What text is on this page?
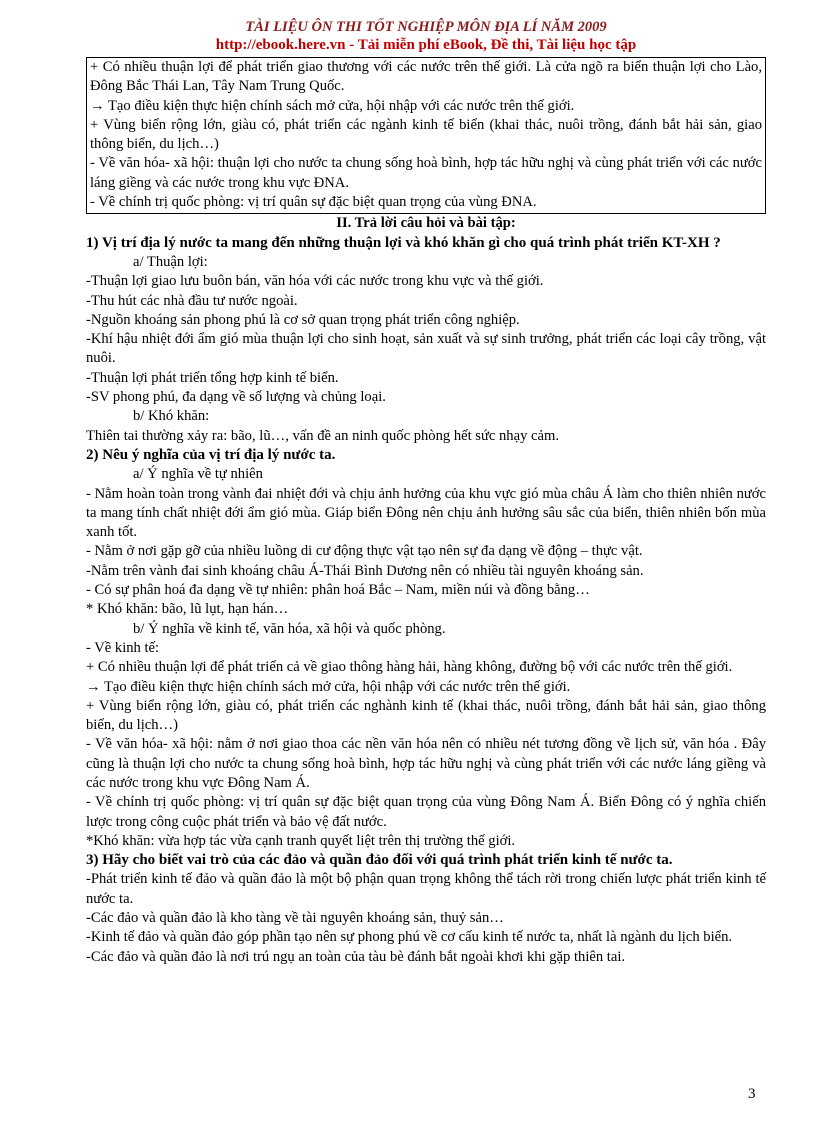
TÀI LIỆU ÔN THI TỐT NGHIỆP MÔN ĐỊA LÍ NĂM 2009
http://ebook.here.vn - Tải miễn phí eBook, Đề thi, Tài liệu học tập

+ Có nhiều thuận lợi để phát triển giao thương với các nước trên thế giới. Là cửa ngõ ra biển thuận lợi cho Lào, Đông Bắc Thái Lan, Tây Nam Trung Quốc.

→ Tạo điều kiện thực hiện chính sách mở cửa, hội nhập với các nước trên thế giới.

+ Vùng biển rộng lớn, giàu có, phát triển các ngành kinh tế biển (khai thác, nuôi trồng, đánh bắt hải sản, giao thông biển, du lịch…)

- Về văn hóa- xã hội: thuận lợi cho nước ta chung sống hoà bình, hợp tác hữu nghị và cùng phát triển với các nước láng giềng và các nước trong khu vực ĐNA.

- Về chính trị quốc phòng: vị trí quân sự đặc biệt quan trọng của vùng ĐNA.

II. Trả lời câu hỏi và bài tập:

1) Vị trí địa lý nước ta mang đến những thuận lợi và khó khăn gì cho quá trình phát triển KT-XH ?

a/ Thuận lợi:

-Thuận lợi giao lưu buôn bán, văn hóa với các nước trong khu vực và thế giới.

-Thu hút các nhà đầu tư nước ngoài.

-Nguồn khoáng sản phong phú là cơ sở quan trọng phát triển công nghiệp.

-Khí hậu nhiệt đới ẩm gió mùa thuận lợi cho sinh hoạt, sản xuất và sự sinh trưởng, phát triển các loại cây trồng, vật nuôi.

-Thuận lợi phát triển tổng hợp kinh tế biển.

-SV phong phú, đa dạng về số lượng và chủng loại.

b/ Khó khăn:

Thiên tai thường xảy ra: bão, lũ…, vấn đề an ninh quốc phòng hết sức nhạy cảm.

2) Nêu ý nghĩa của vị trí địa lý nước ta.

a/ Ý nghĩa về tự nhiên

- Nằm hoàn toàn trong vành đai nhiệt đới và chịu ảnh hưởng của khu vực gió mùa châu Á làm cho thiên nhiên nước ta mang tính chất nhiệt đới ẩm gió mùa. Giáp biển Đông nên chịu ảnh hưởng sâu sắc của biển, thiên nhiên bốn mùa xanh tốt.

- Nằm ở nơi gặp gỡ của nhiều luồng di cư động thực vật tạo nên sự đa dạng về động – thực vật.

-Nằm trên vành đai sinh khoáng châu Á-Thái Bình Dương nên có nhiều tài nguyên khoáng sản.

- Có sự phân hoá đa dạng về tự nhiên: phân hoá Bắc – Nam, miền núi và đồng bằng…

* Khó khăn: bão, lũ lụt, hạn hán…

b/ Ý nghĩa về kinh tế, văn hóa, xã hội và quốc phòng.

- Về kinh tế:

+ Có nhiều thuận lợi để phát triển cả về giao thông hàng hải, hàng không, đường bộ với các nước trên thế giới.

→ Tạo điều kiện thực hiện chính sách mở cửa, hội nhập với các nước trên thế giới.

+ Vùng biển rộng lớn, giàu có, phát triển các nghành kinh tế (khai thác, nuôi trồng, đánh bắt hải sản, giao thông biển, du lịch…)

- Về văn hóa- xã hội: nằm ở nơi giao thoa các nền văn hóa nên có nhiều nét tương đồng về lịch sử, văn hóa . Đây cũng là thuận lợi cho nước ta chung sống hoà bình, hợp tác hữu nghị và cùng phát triển với các nước láng giềng và các nước trong khu vực Đông Nam Á.

- Về chính trị quốc phòng: vị trí quân sự đặc biệt quan trọng của vùng Đông Nam Á. Biển Đông có ý nghĩa chiến lược trong công cuộc phát triển và bảo vệ đất nước.

*Khó khăn: vừa hợp tác vừa cạnh tranh quyết liệt trên thị trường thế giới.

3) Hãy cho biết vai trò của các đảo và quần đảo đối với quá trình phát triển kinh tế nước ta.

-Phát triển kinh tế đảo và quần đảo là một bộ phận quan trọng không thể tách rời trong chiến lược phát triển kinh tế nước ta.

-Các đảo và quần đảo là kho tàng về tài nguyên khoáng sản, thuỷ sản…

-Kinh tế đảo và quần đảo góp phần tạo nên sự phong phú về cơ cấu kinh tế nước ta, nhất là ngành du lịch biển.

-Các đảo và quần đảo là nơi trú ngụ an toàn của tàu bè đánh bắt ngoài khơi khi gặp thiên tai.

3
